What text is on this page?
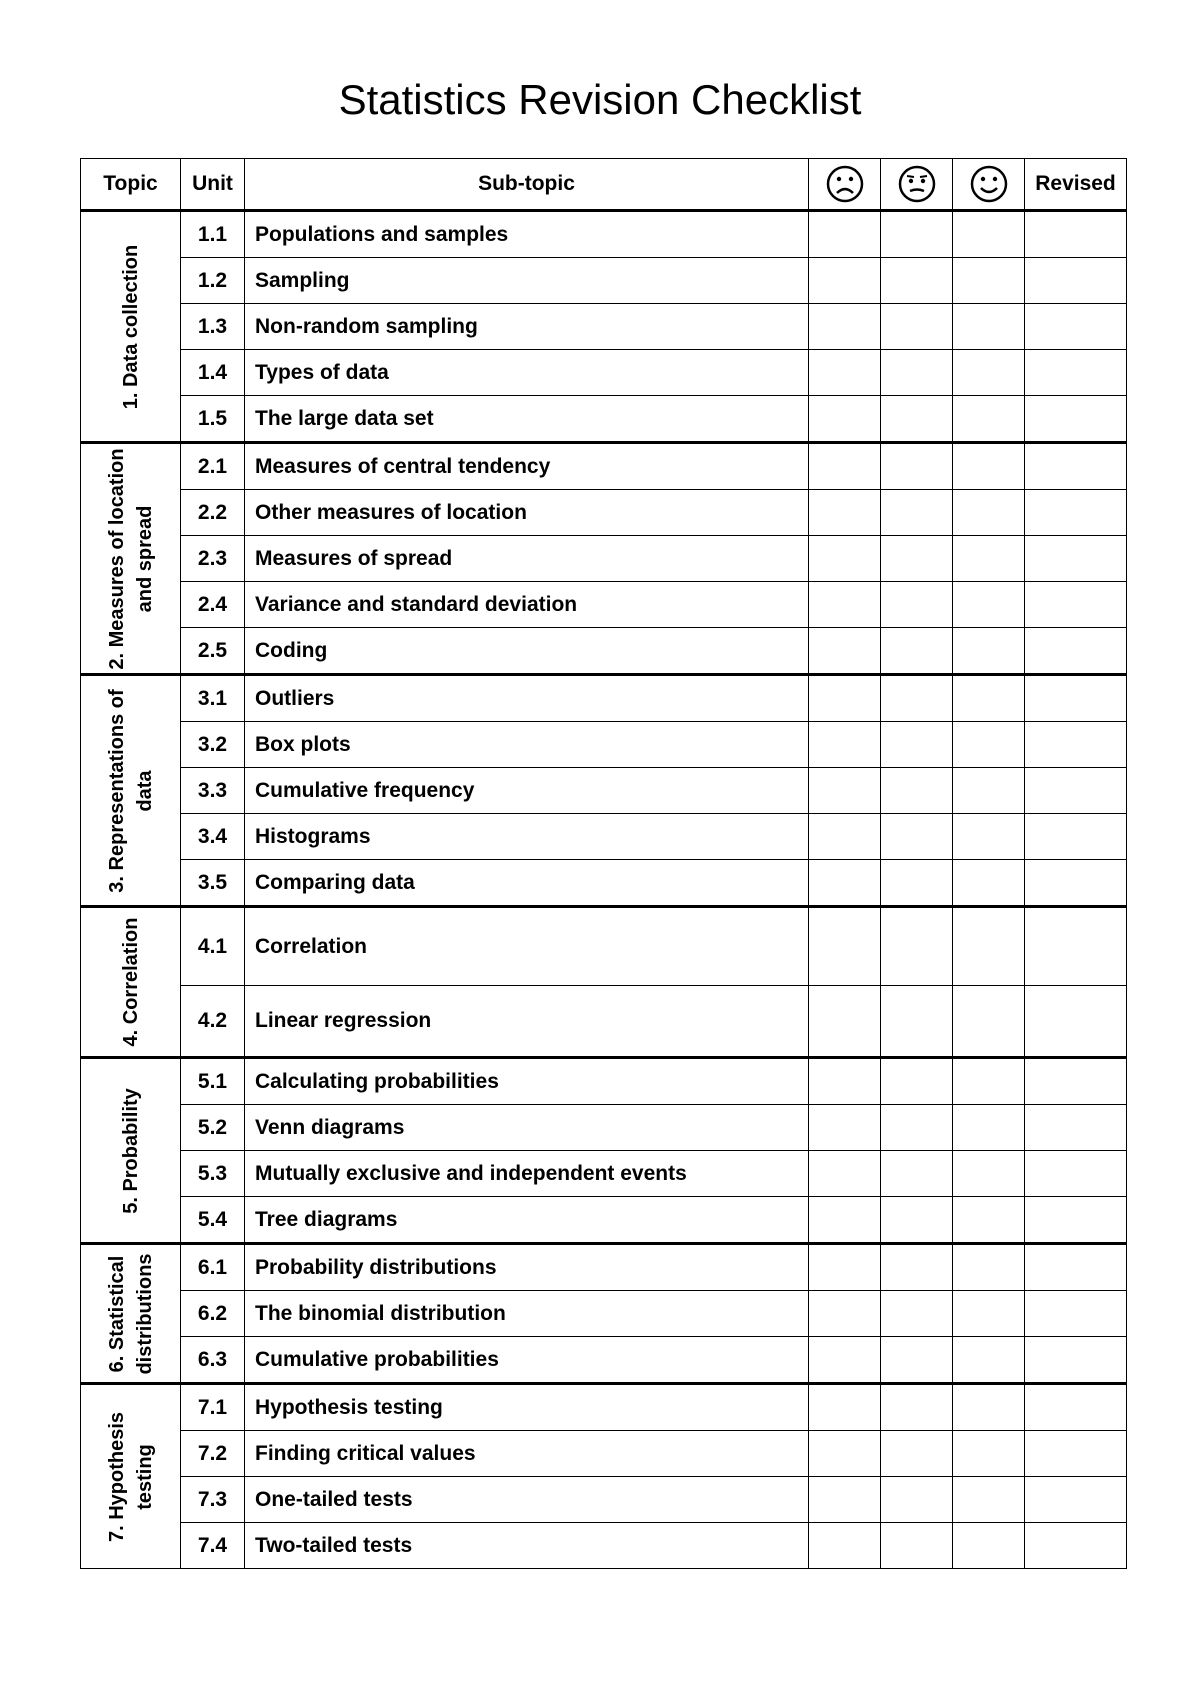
Statistics Revision Checklist
Topic	Unit	Sub-topic				Revised

1. Data collection	1.1	Populations and samples				
	1.2	Sampling				
	1.3	Non-random sampling				
	1.4	Types of data				
	1.5	The large data set				

2. Measures of location
and spread	2.1	Measures of central tendency				
	2.2	Other measures of location				
	2.3	Measures of spread				
	2.4	Variance and standard deviation				
	2.5	Coding				

3. Representations of
data	3.1	Outliers				
	3.2	Box plots				
	3.3	Cumulative frequency				
	3.4	Histograms				
	3.5	Comparing data				

4. Correlation	4.1	Correlation				
	4.2	Linear regression				

5. Probability	5.1	Calculating probabilities				
	5.2	Venn diagrams				
	5.3	Mutually exclusive and independent events				
	5.4	Tree diagrams				

6. Statistical
distributions	6.1	Probability distributions				
	6.2	The binomial distribution				
	6.3	Cumulative probabilities				

7. Hypothesis
testing	7.1	Hypothesis testing				
	7.2	Finding critical values				
	7.3	One-tailed tests				
	7.4	Two-tailed tests				
